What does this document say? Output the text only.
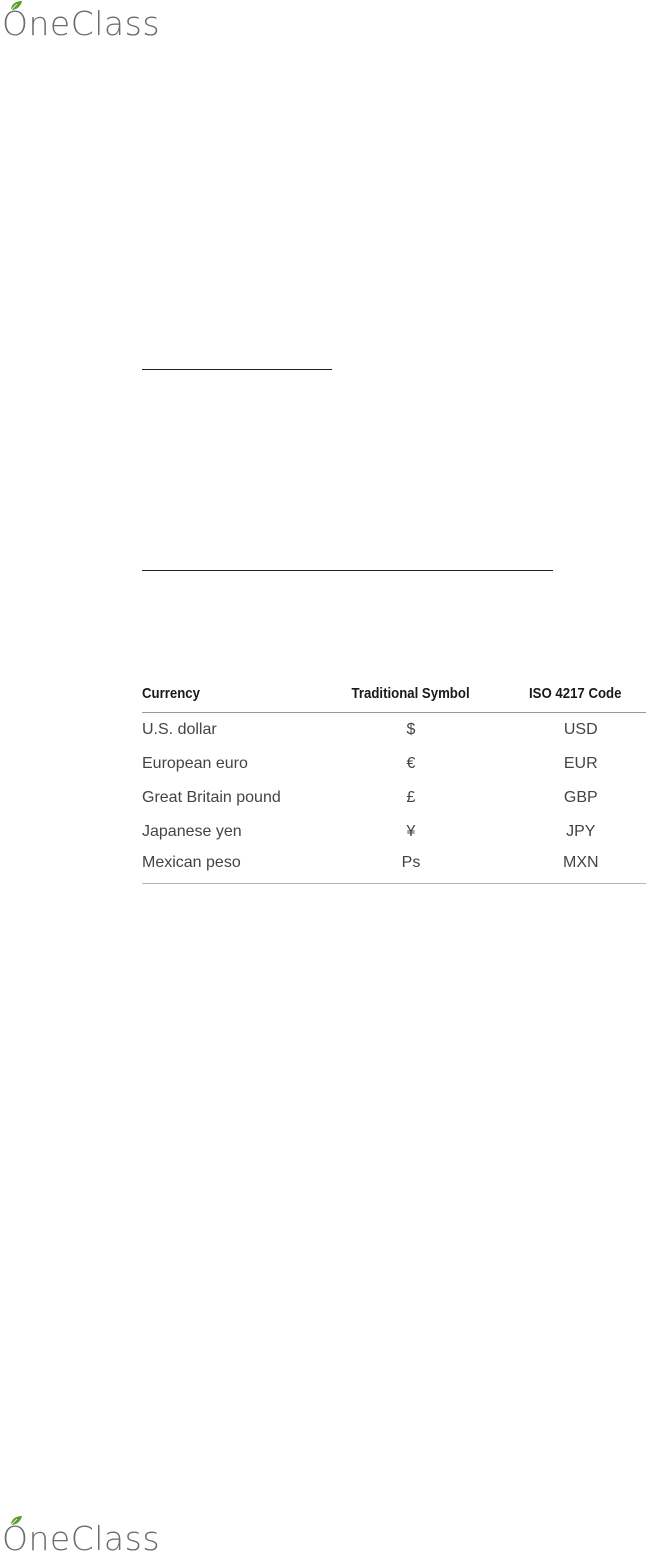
OneClass
Currency	Traditional Symbol	ISO 4217 Code
U.S. dollar	$	USD
European euro	€	EUR
Great Britain pound	£	GBP
Japanese yen	¥	JPY
Mexican peso	Ps	MXN
OneClass
